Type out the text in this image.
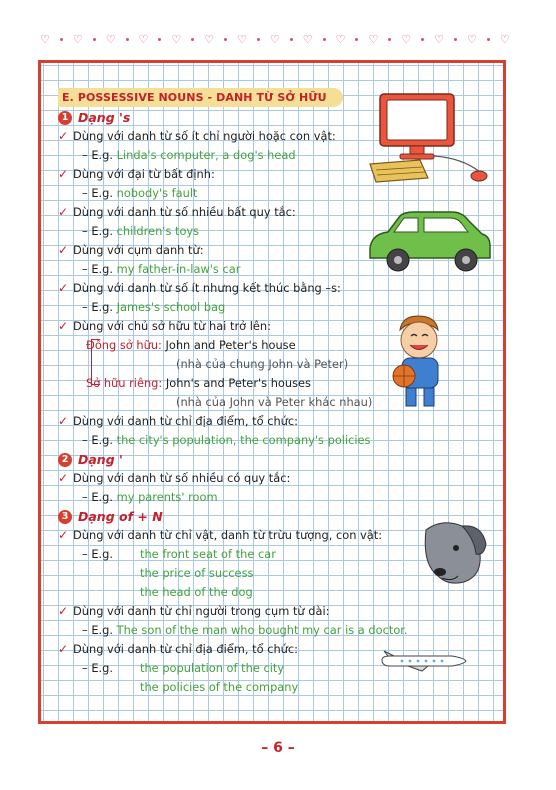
♡ ♡ ♡ ♡ ♡ ♡ ♡ ♡ ♡ ♡ ♡ ♡ ♡ ♡ ♡
E. POSSESSIVE NOUNS - DANH TỪ SỞ HỮU
1 Dạng 's
✓ Dùng với danh từ số ít chỉ người hoặc con vật:
– E.g. Linda's computer, a dog's head
✓ Dùng với đại từ bất định:
– E.g. nobody's fault
✓ Dùng với danh từ số nhiều bất quy tắc:
– E.g. children's toys
✓ Dùng với cụm danh từ:
– E.g. my father-in-law's car
✓ Dùng với danh từ số ít nhưng kết thúc bằng –s:
– E.g. James's school bag
✓ Dùng với chủ sở hữu từ hai trở lên:
Đồng sở hữu: John and Peter's house
(nhà của chung John và Peter)
Sở hữu riêng: John's and Peter's houses
(nhà của John và Peter khác nhau)
✓ Dùng với danh từ chỉ địa điểm, tổ chức:
– E.g. the city's population, the company's policies
2 Dạng '
✓ Dùng với danh từ số nhiều có quy tắc:
– E.g. my parents' room
3 Dạng of + N
✓ Dùng với danh từ chỉ vật, danh từ trừu tượng, con vật:
– E.g. the front seat of the car
the price of success
the head of the dog
✓ Dùng với danh từ chỉ người trong cụm từ dài:
– E.g. The son of the man who bought my car is a doctor.
✓ Dùng với danh từ chỉ địa điểm, tổ chức:
– E.g. the population of the city
the policies of the company
– 6 –
